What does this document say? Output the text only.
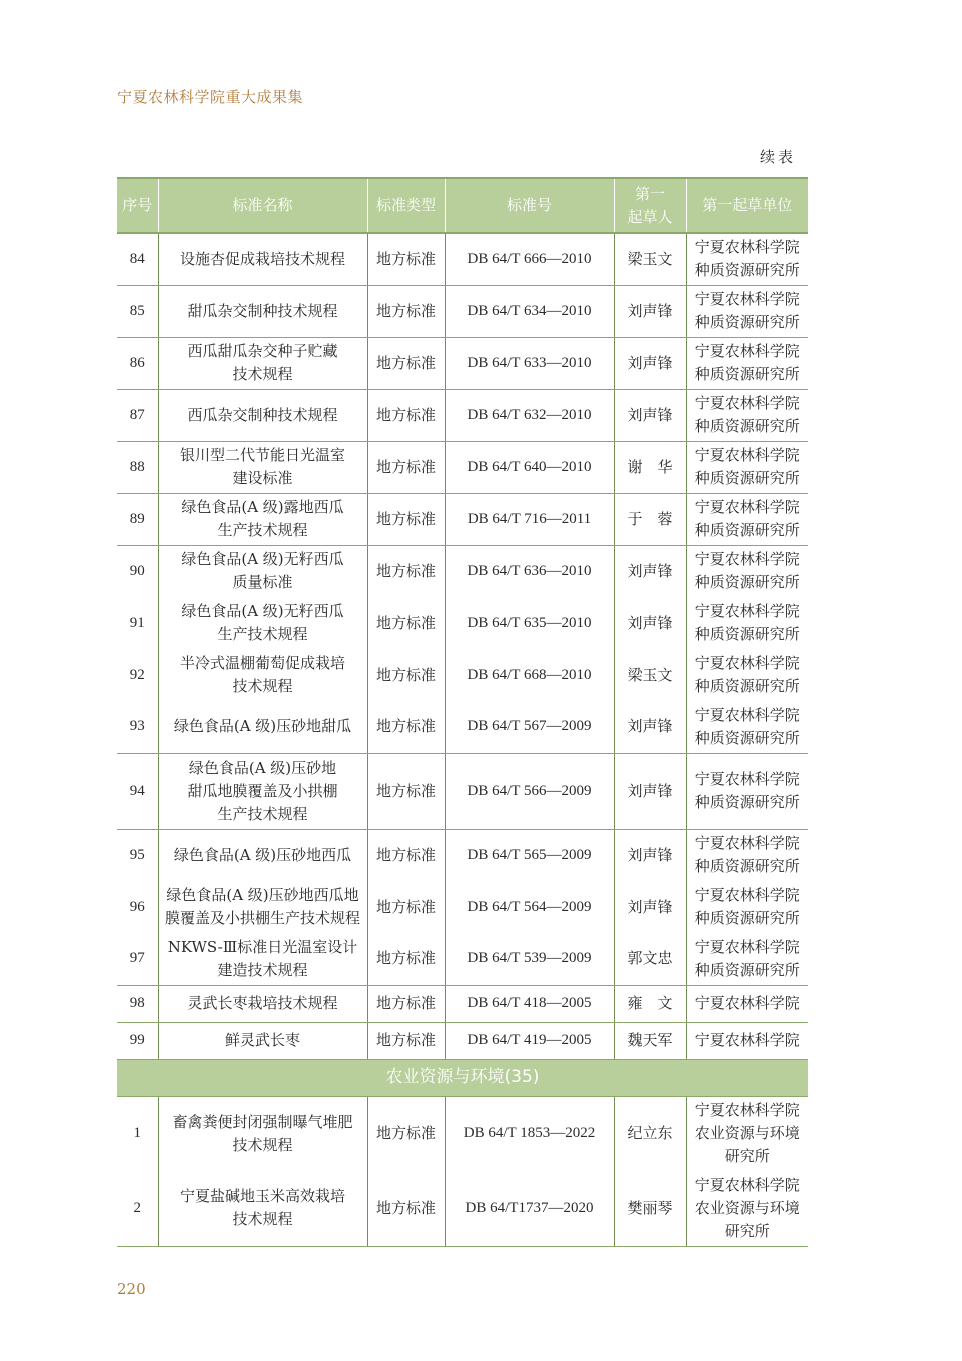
宁夏农林科学院重大成果集
续表
序号	标准名称	标准类型	标准号	第一
起草人	第一起草单位
84	设施杏促成栽培技术规程	地方标准	DB 64/T 666—2010	梁玉文	宁夏农林科学院
种质资源研究所
85	甜瓜杂交制种技术规程	地方标准	DB 64/T 634—2010	刘声锋	宁夏农林科学院
种质资源研究所
86	西瓜甜瓜杂交种子贮藏
技术规程	地方标准	DB 64/T 633—2010	刘声锋	宁夏农林科学院
种质资源研究所
87	西瓜杂交制种技术规程	地方标准	DB 64/T 632—2010	刘声锋	宁夏农林科学院
种质资源研究所
88	银川型二代节能日光温室
建设标准	地方标准	DB 64/T 640—2010	谢　华	宁夏农林科学院
种质资源研究所
89	绿色食品(A 级)露地西瓜
生产技术规程	地方标准	DB 64/T 716—2011	于　蓉	宁夏农林科学院
种质资源研究所
90	绿色食品(A 级)无籽西瓜
质量标准	地方标准	DB 64/T 636—2010	刘声锋	宁夏农林科学院
种质资源研究所
91	绿色食品(A 级)无籽西瓜
生产技术规程	地方标准	DB 64/T 635—2010	刘声锋	宁夏农林科学院
种质资源研究所
92	半冷式温棚葡萄促成栽培
技术规程	地方标准	DB 64/T 668—2010	梁玉文	宁夏农林科学院
种质资源研究所
93	绿色食品(A 级)压砂地甜瓜	地方标准	DB 64/T 567—2009	刘声锋	宁夏农林科学院
种质资源研究所
94	绿色食品(A 级)压砂地
甜瓜地膜覆盖及小拱棚
生产技术规程	地方标准	DB 64/T 566—2009	刘声锋	宁夏农林科学院
种质资源研究所
95	绿色食品(A 级)压砂地西瓜	地方标准	DB 64/T 565—2009	刘声锋	宁夏农林科学院
种质资源研究所
96	绿色食品(A 级)压砂地西瓜地
膜覆盖及小拱棚生产技术规程	地方标准	DB 64/T 564—2009	刘声锋	宁夏农林科学院
种质资源研究所
97	NKWS-Ⅲ标准日光温室设计
建造技术规程	地方标准	DB 64/T 539—2009	郭文忠	宁夏农林科学院
种质资源研究所
98	灵武长枣栽培技术规程	地方标准	DB 64/T 418—2005	雍　文	宁夏农林科学院
99	鲜灵武长枣	地方标准	DB 64/T 419—2005	魏天军	宁夏农林科学院
农业资源与环境(35)					
1	畜禽粪便封闭强制曝气堆肥
技术规程	地方标准	DB 64/T 1853—2022	纪立东	宁夏农林科学院
农业资源与环境
研究所
2	宁夏盐碱地玉米高效栽培
技术规程	地方标准	DB 64/T1737—2020	樊丽琴	宁夏农林科学院
农业资源与环境
研究所
220
